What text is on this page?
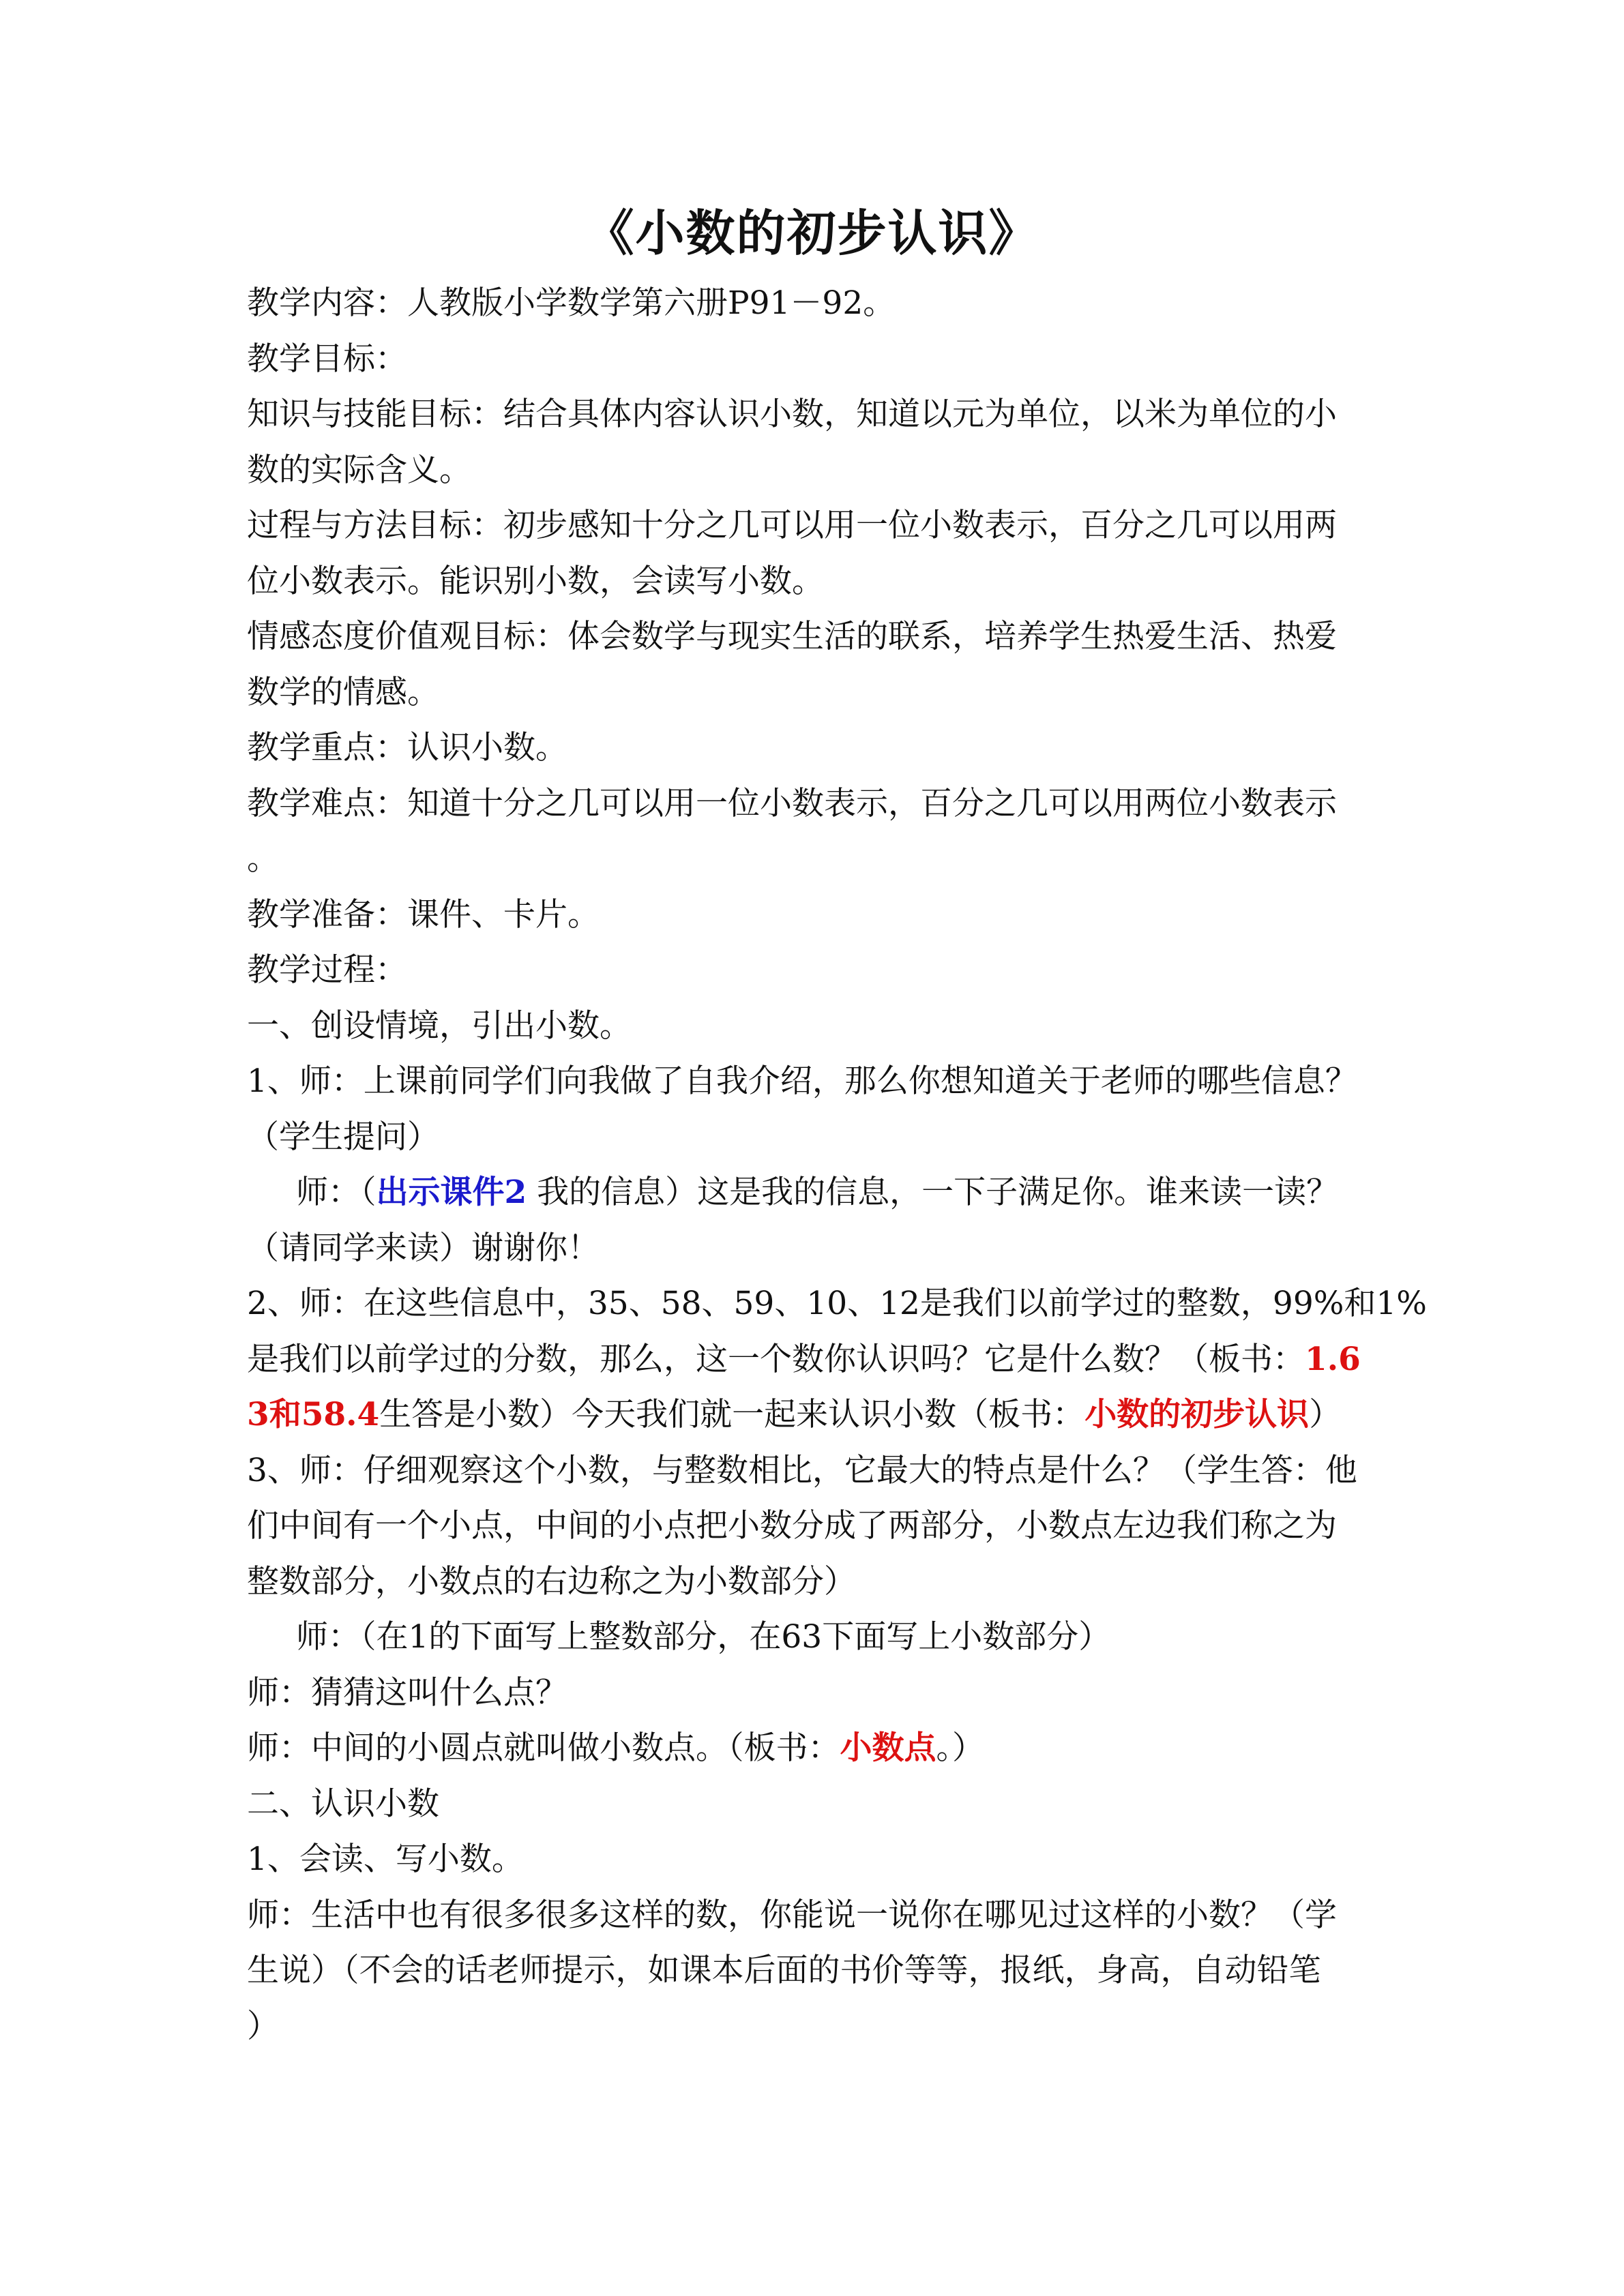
《小数的初步认识》
教学内容：人教版小学数学第六册P91－92。
教学目标：
知识与技能目标：结合具体内容认识小数，知道以元为单位，以米为单位的小
数的实际含义。
过程与方法目标：初步感知十分之几可以用一位小数表示，百分之几可以用两
位小数表示。能识别小数，会读写小数。
情感态度价值观目标：体会数学与现实生活的联系，培养学生热爱生活、热爱
数学的情感。
教学重点：认识小数。
教学难点：知道十分之几可以用一位小数表示，百分之几可以用两位小数表示
。
教学准备：课件、卡片。
教学过程：
一、创设情境，引出小数。
1、师：上课前同学们向我做了自我介绍，那么你想知道关于老师的哪些信息？
（学生提问）
师：（出示课件2 我的信息）这是我的信息，一下子满足你。谁来读一读？
（请同学来读）谢谢你！
2、师：在这些信息中，35、58、59、10、12是我们以前学过的整数，99%和1%
是我们以前学过的分数，那么，这一个数你认识吗？它是什么数？（板书：1.6
3和58.4生答是小数）今天我们就一起来认识小数（板书：小数的初步认识）
3、师：仔细观察这个小数，与整数相比，它最大的特点是什么？（学生答：他
们中间有一个小点，中间的小点把小数分成了两部分，小数点左边我们称之为
整数部分，小数点的右边称之为小数部分）
师：（在1的下面写上整数部分，在63下面写上小数部分）
师：猜猜这叫什么点？
师：中间的小圆点就叫做小数点。（板书：小数点。）
二、认识小数
1、会读、写小数。
师：生活中也有很多很多这样的数，你能说一说你在哪见过这样的小数？（学
生说）（不会的话老师提示，如课本后面的书价等等，报纸，身高，自动铅笔
）
